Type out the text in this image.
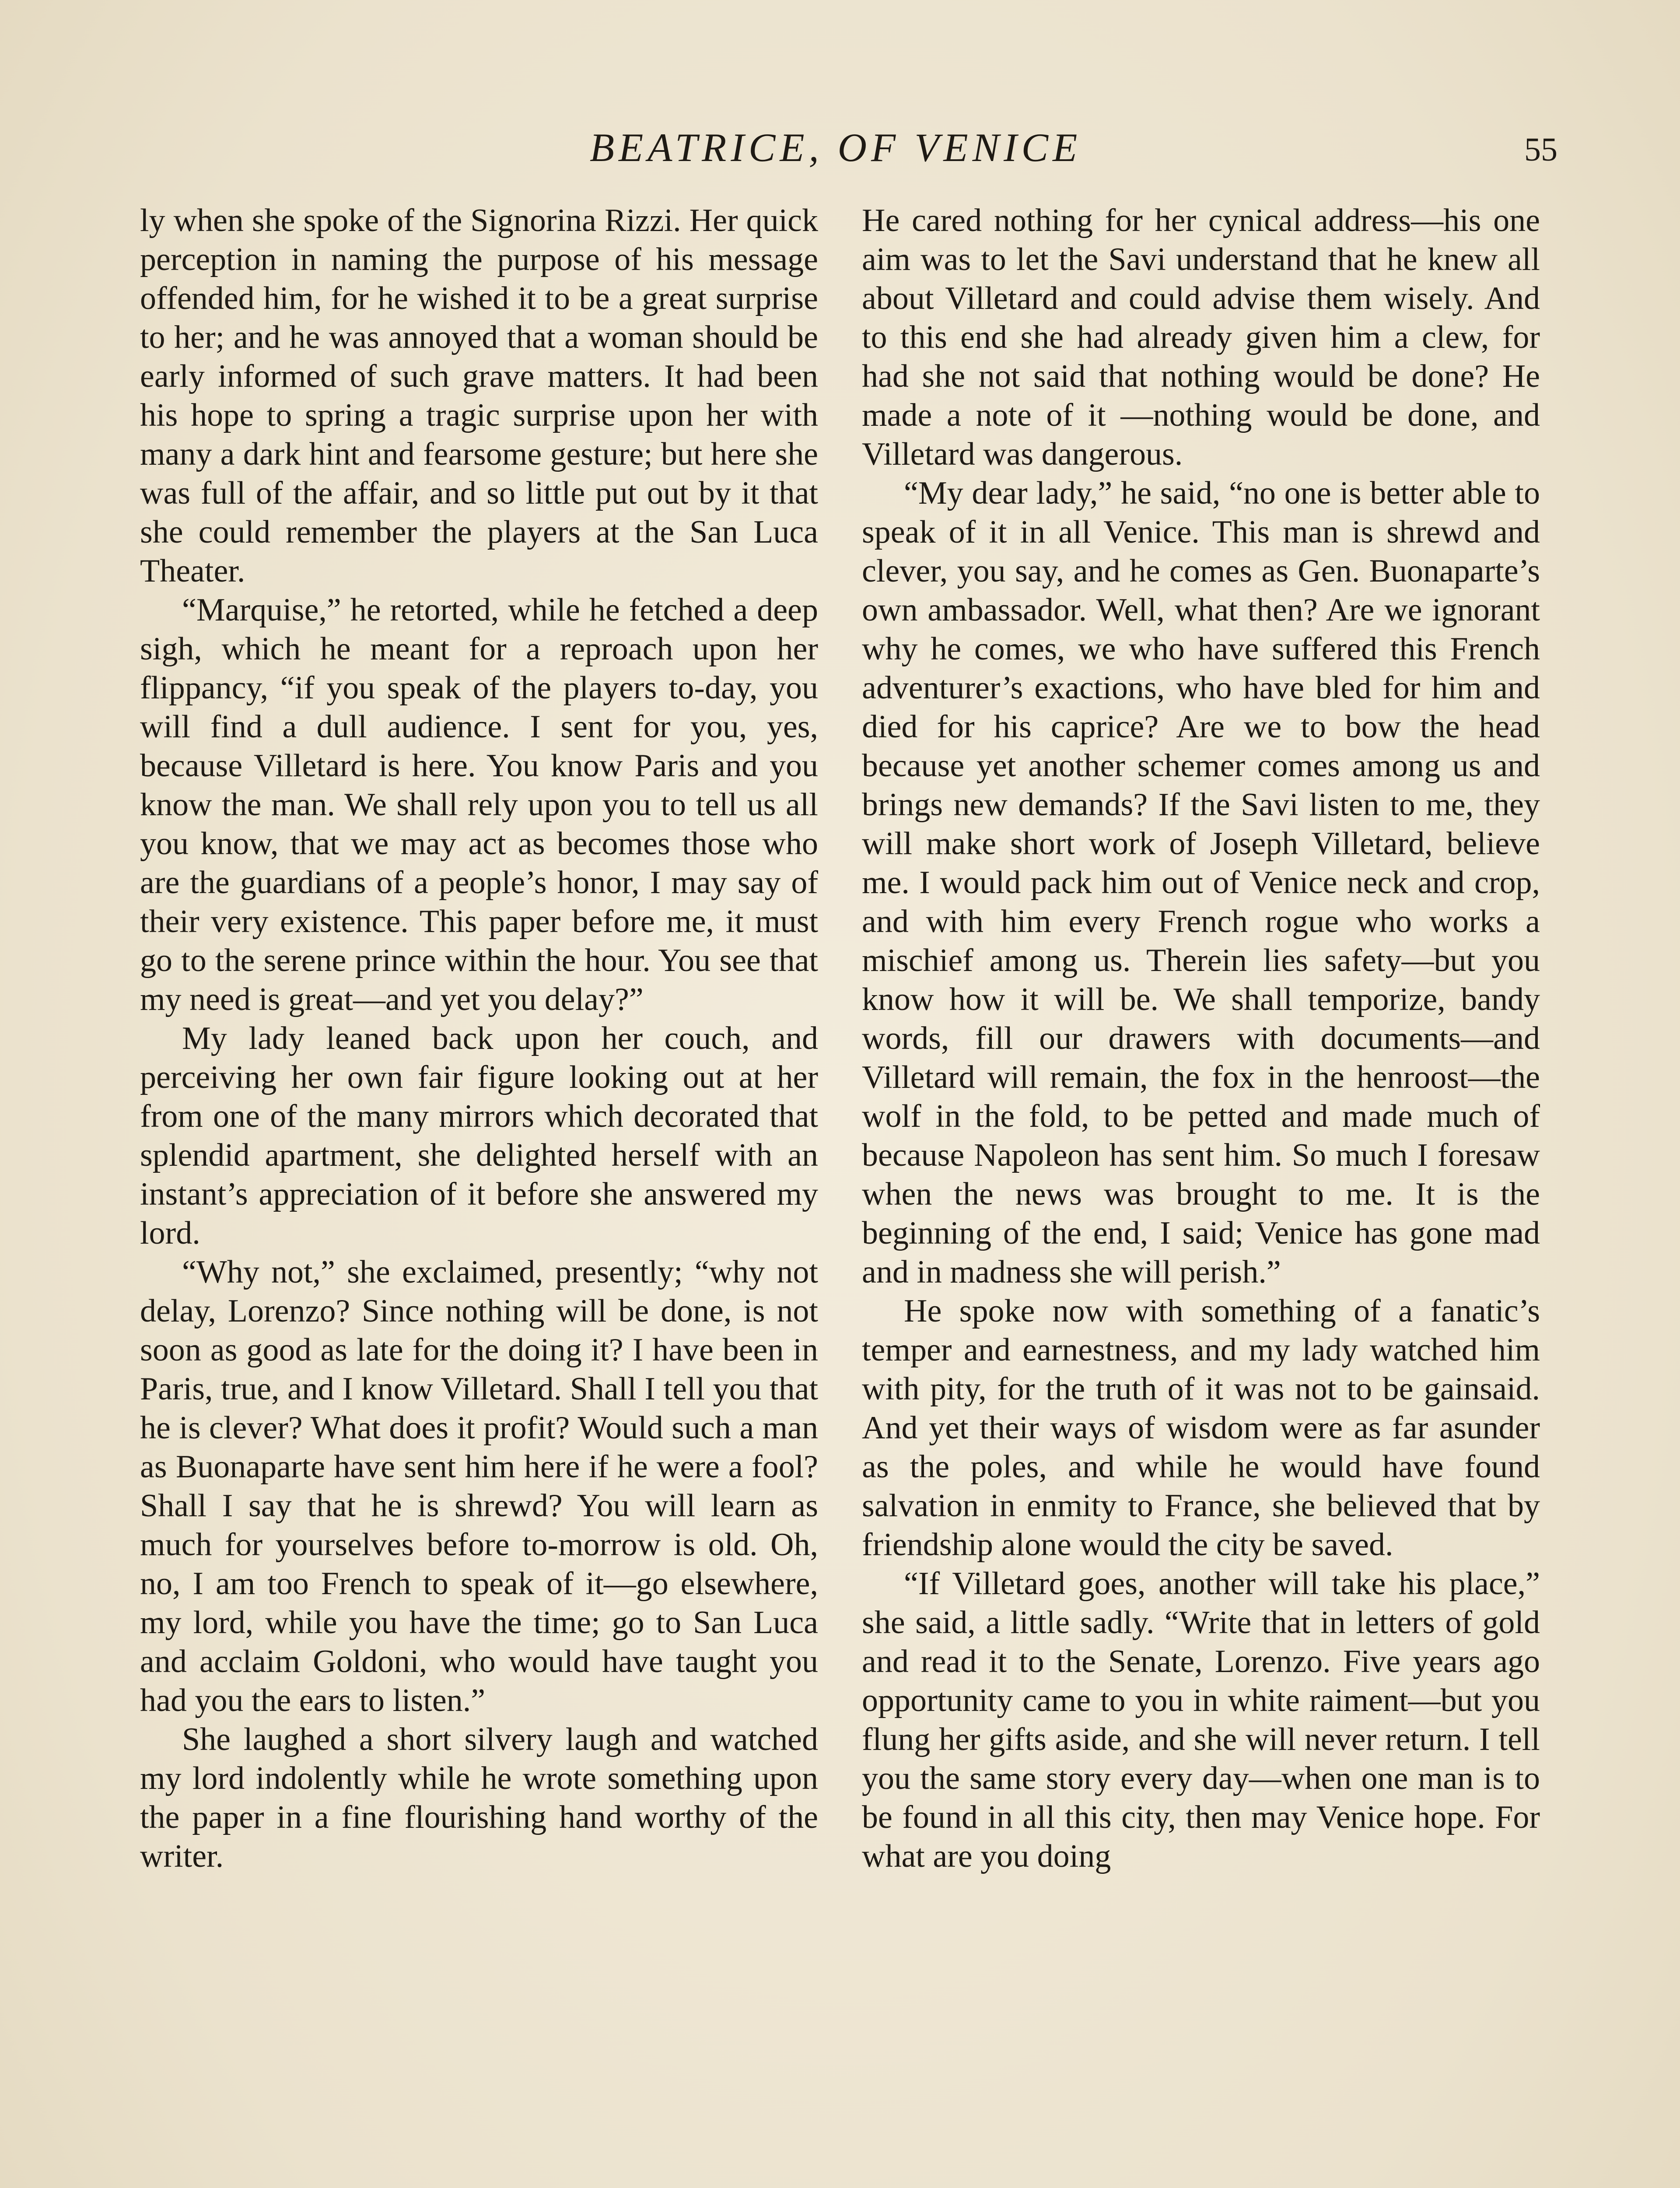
BEATRICE, OF VENICE	55

ly when she spoke of the Signorina Rizzi. Her quick perception in naming the purpose of his message offended him, for he wished it to be a great surprise to her; and he was annoyed that a woman should be early informed of such grave matters. It had been his hope to spring a tragic surprise upon her with many a dark hint and fearsome gesture; but here she was full of the affair, and so little put out by it that she could remember the players at the San Luca Theater.

“Marquise,” he retorted, while he fetched a deep sigh, which he meant for a reproach upon her flippancy, “if you speak of the players to-day, you will find a dull audience. I sent for you, yes, because Villetard is here. You know Paris and you know the man. We shall rely upon you to tell us all you know, that we may act as becomes those who are the guardians of a people’s honor, I may say of their very existence. This paper before me, it must go to the serene prince within the hour. You see that my need is great—and yet you delay?”

My lady leaned back upon her couch, and perceiving her own fair figure looking out at her from one of the many mirrors which decorated that splendid apartment, she delighted herself with an instant’s appreciation of it before she answered my lord.

“Why not,” she exclaimed, presently; “why not delay, Lorenzo? Since nothing will be done, is not soon as good as late for the doing it? I have been in Paris, true, and I know Villetard. Shall I tell you that he is clever? What does it profit? Would such a man as Buonaparte have sent him here if he were a fool? Shall I say that he is shrewd? You will learn as much for yourselves before to-morrow is old. Oh, no, I am too French to speak of it—go elsewhere, my lord, while you have the time; go to San Luca and acclaim Goldoni, who would have taught you had you the ears to listen.”

She laughed a short silvery laugh and watched my lord indolently while he wrote something upon the paper in a fine flourishing hand worthy of the writer.

He cared nothing for her cynical address—his one aim was to let the Savi understand that he knew all about Villetard and could advise them wisely. And to this end she had already given him a clew, for had she not said that nothing would be done? He made a note of it —nothing would be done, and Villetard was dangerous.

“My dear lady,” he said, “no one is better able to speak of it in all Venice. This man is shrewd and clever, you say, and he comes as Gen. Buonaparte’s own ambassador. Well, what then? Are we ignorant why he comes, we who have suffered this French adventurer’s exactions, who have bled for him and died for his caprice? Are we to bow the head because yet another schemer comes among us and brings new demands? If the Savi listen to me, they will make short work of Joseph Villetard, believe me. I would pack him out of Venice neck and crop, and with him every French rogue who works a mischief among us. Therein lies safety—but you know how it will be. We shall temporize, bandy words, fill our drawers with documents—and Villetard will remain, the fox in the henroost—the wolf in the fold, to be petted and made much of because Napoleon has sent him. So much I foresaw when the news was brought to me. It is the beginning of the end, I said; Venice has gone mad and in madness she will perish.”

He spoke now with something of a fanatic’s temper and earnestness, and my lady watched him with pity, for the truth of it was not to be gainsaid. And yet their ways of wisdom were as far asunder as the poles, and while he would have found salvation in enmity to France, she believed that by friendship alone would the city be saved.

“If Villetard goes, another will take his place,” she said, a little sadly. “Write that in letters of gold and read it to the Senate, Lorenzo. Five years ago opportunity came to you in white raiment—but you flung her gifts aside, and she will never return. I tell you the same story every day—when one man is to be found in all this city, then may Venice hope. For what are you doing
